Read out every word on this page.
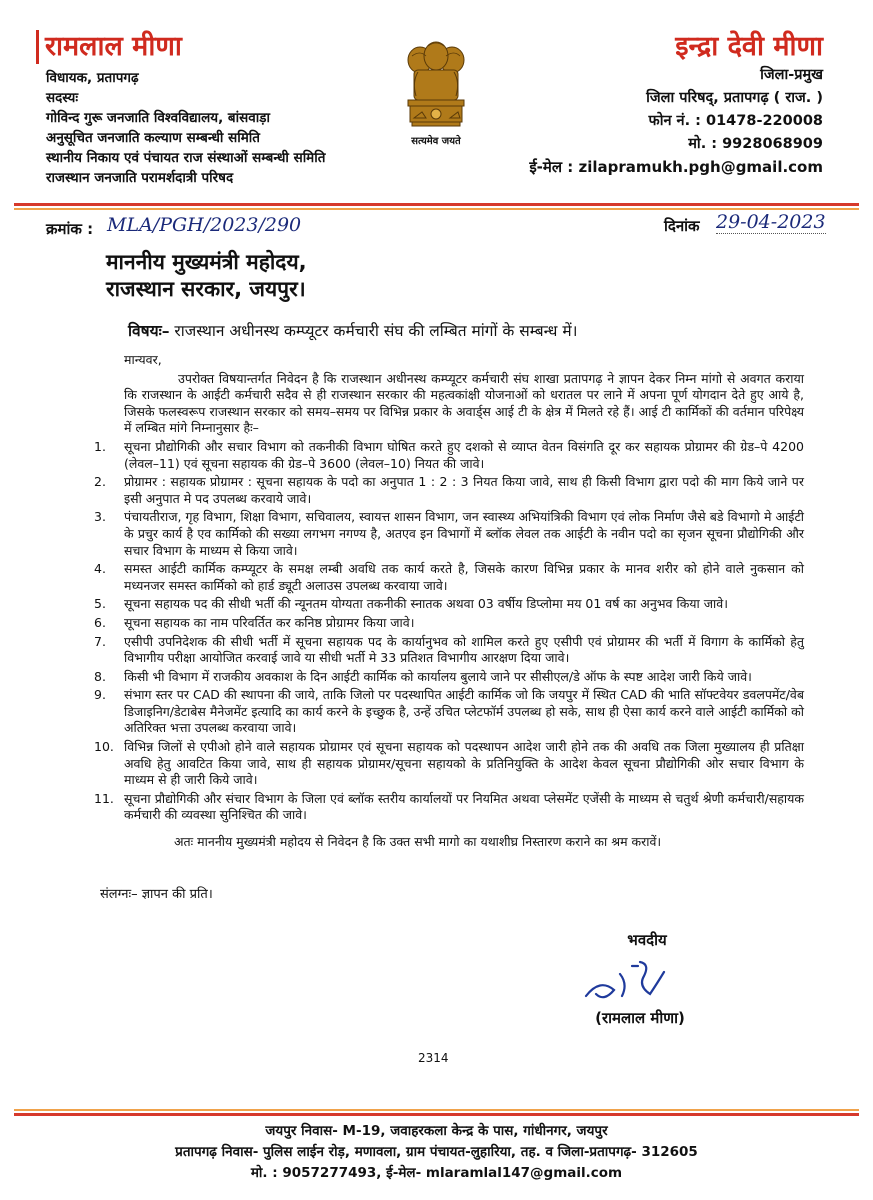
रामलाल मीणा
विधायक, प्रतापगढ़
सदस्यः
गोविन्द गुरू जनजाति विश्वविद्यालय, बांसवाड़ा
अनुसूचित जनजाति कल्याण सम्बन्धी समिति
स्थानीय निकाय एवं पंचायत राज संस्थाओं सम्बन्धी समिति
राजस्थान जनजाति परामर्शदात्री परिषद
सत्यमेव जयते
इन्द्रा देवी मीणा
जिला-प्रमुख
जिला परिषद्, प्रतापगढ़ ( राज. )
फोन नं. : 01478-220008
मो. : 9928068909
ई-मेल : zilapramukh.pgh@gmail.com
क्रमांक : MLA/PGH/2023/290	दिनांक 29-04-2023
माननीय मुख्यमंत्री महोदय,
राजस्थान सरकार, जयपुर।
विषयः– राजस्थान अधीनस्थ कम्प्यूटर कर्मचारी संघ की लम्बित मांगों के सम्बन्ध में।

मान्यवर,

उपरोक्त विषयान्तर्गत निवेदन है कि राजस्थान अधीनस्थ कम्प्यूटर कर्मचारी संघ शाखा प्रतापगढ़ ने ज्ञापन देकर निम्न मांगो से अवगत कराया कि राजस्थान के आईटी कर्मचारी सदैव से ही राजस्थान सरकार की महत्वकांक्षी योजनाओं को धरातल पर लाने में अपना पूर्ण योगदान देते हुए आये है, जिसके फलस्वरूप राजस्थान सरकार को समय–समय पर विभिन्न प्रकार के अवार्ड्स आई टी के क्षेत्र में मिलते रहे हैं। आई टी कार्मिकों की वर्तमान परिपेक्ष्य में लम्बित मांगे निम्नानुसार हैः–

1. सूचना प्रौद्योगिकी और सचार विभाग को तकनीकी विभाग घोषित करते हुए दशको से व्याप्त वेतन विसंगति दूर कर सहायक प्रोग्रामर की ग्रेड–पे 4200 (लेवल–11) एवं सूचना सहायक की ग्रेड–पे 3600 (लेवल–10) नियत की जावे।
2. प्रोग्रामर : सहायक प्रोग्रामर : सूचना सहायक के पदो का अनुपात 1 : 2 : 3 नियत किया जावे, साथ ही किसी विभाग द्वारा पदो की माग किये जाने पर इसी अनुपात मे पद उपलब्ध करवाये जावे।
3. पंचायतीराज, गृह विभाग, शिक्षा विभाग, सचिवालय, स्वायत्त शासन विभाग, जन स्वास्थ्य अभियांत्रिकी विभाग एवं लोक निर्माण जैसे बडे विभागो मे आईटी के प्रचुर कार्य है एव कार्मिको की सख्या लगभग नगण्य है, अतएव इन विभागों में ब्लॉक लेवल तक आईटी के नवीन पदो का सृजन सूचना प्रौद्योगिकी और सचार विभाग के माध्यम से किया जावे।
4. समस्त आईटी कार्मिक कम्प्यूटर के समक्ष लम्बी अवधि तक कार्य करते है, जिसके कारण विभिन्न प्रकार के मानव शरीर को होने वाले नुकसान को मध्यनजर समस्त कार्मिको को हार्ड ड्यूटी अलाउस उपलब्ध करवाया जावे।
5. सूचना सहायक पद की सीधी भर्ती की न्यूनतम योग्यता तकनीकी स्नातक अथवा 03 वर्षीय डिप्लोमा मय 01 वर्ष का अनुभव किया जावे।
6. सूचना सहायक का नाम परिवर्तित कर कनिष्ठ प्रोग्रामर किया जावे।
7. एसीपी उपनिदेशक की सीधी भर्ती में सूचना सहायक पद के कार्यानुभव को शामिल करते हुए एसीपी एवं प्रोग्रामर की भर्ती में विगाग के कार्मिको हेतु विभागीय परीक्षा आयोजित करवाई जावे या सीधी भर्ती मे 33 प्रतिशत विभागीय आरक्षण दिया जावे।
8. किसी भी विभाग में राजकीय अवकाश के दिन आईटी कार्मिक को कार्यालय बुलाये जाने पर सीसीएल/डे ऑफ के स्पष्ट आदेश जारी किये जावे।
9. संभाग स्तर पर CAD की स्थापना की जाये, ताकि जिलो पर पदस्थापित आईटी कार्मिक जो कि जयपुर में स्थित CAD की भाति सॉफ्टवेयर डवलपमेंट/वेब डिजाइनिग/डेटाबेस मैनेजमेंट इत्यादि का कार्य करने के इच्छुक है, उन्हें उचित प्लेटफॉर्म उपलब्ध हो सके, साथ ही ऐसा कार्य करने वाले आईटी कार्मिको को अतिरिक्त भत्ता उपलब्ध करवाया जावे।
10. विभिन्न जिलों से एपीओ होने वाले सहायक प्रोग्रामर एवं सूचना सहायक को पदस्थापन आदेश जारी होने तक की अवधि तक जिला मुख्यालय ही प्रतिक्षा अवधि हेतु आवटित किया जावे, साथ ही सहायक प्रोग्रामर/सूचना सहायको के प्रतिनियुक्ति के आदेश केवल सूचना प्रौद्योगिकी ओर सचार विभाग के माध्यम से ही जारी किये जावे।
11. सूचना प्रौद्योगिकी और संचार विभाग के जिला एवं ब्लॉक स्तरीय कार्यालयों पर नियमित अथवा प्लेसमेंट एजेंसी के माध्यम से चतुर्थ श्रेणी कर्मचारी/सहायक कर्मचारी की व्यवस्था सुनिश्चित की जावे।

अतः माननीय मुख्यमंत्री महोदय से निवेदन है कि उक्त सभी मागो का यथाशीघ्र निस्तारण कराने का श्रम करावें।

संलग्नः– ज्ञापन की प्रति।
भवदीय
(रामलाल मीणा)
2314
जयपुर निवास- M-19, जवाहरकला केन्द्र के पास, गांधीनगर, जयपुर
प्रतापगढ़ निवास- पुलिस लाईन रोड़, मणावला, ग्राम पंचायत-लुहारिया, तह. व जिला-प्रतापगढ़- 312605
मो. : 9057277493, ई-मेल- mlaramlal147@gmail.com
